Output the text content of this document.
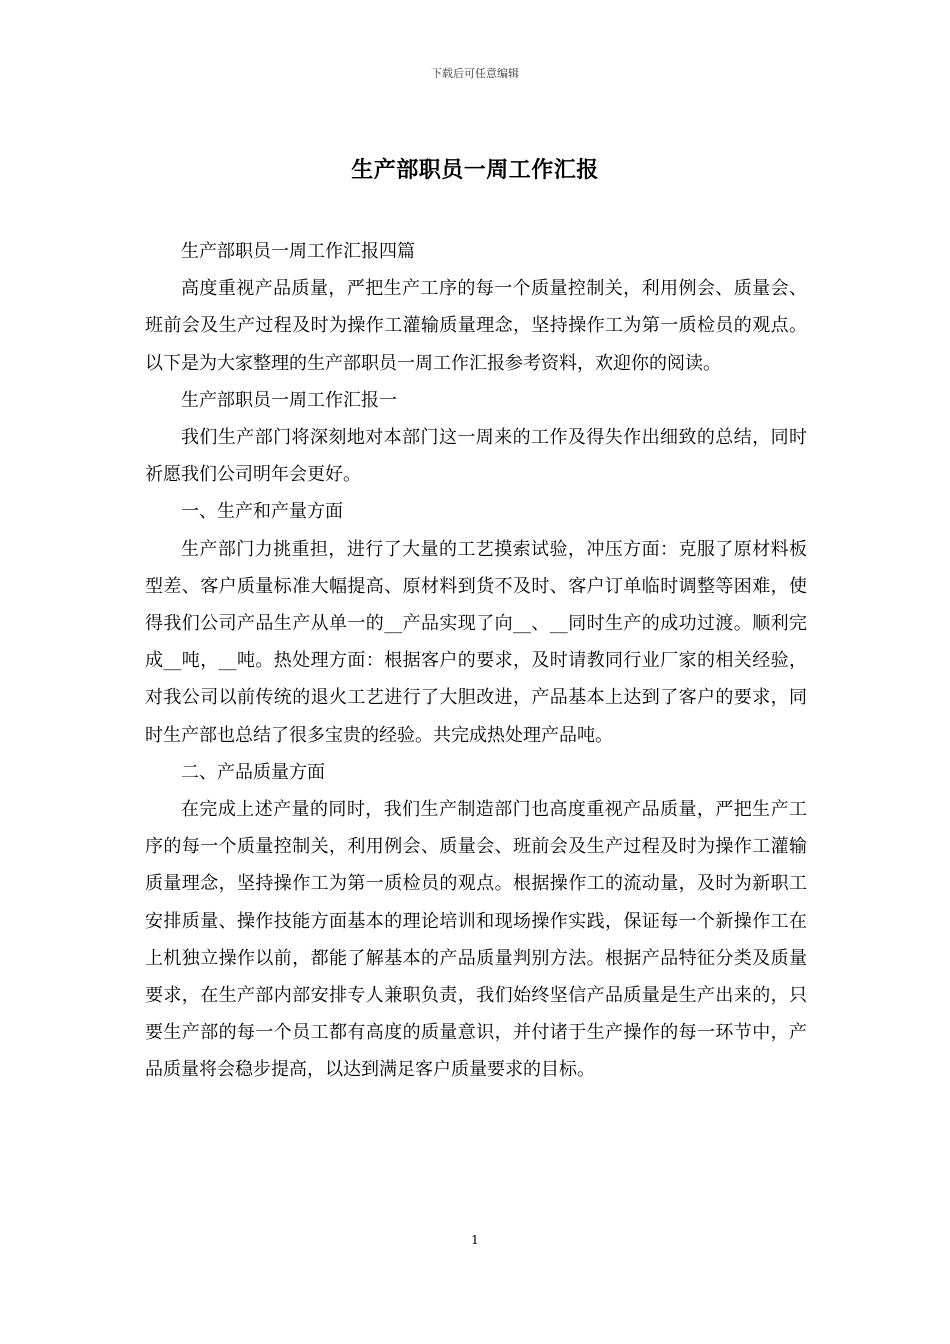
下载后可任意编辑
生产部职员一周工作汇报

生产部职员一周工作汇报四篇

高度重视产品质量，严把生产工序的每一个质量控制关，利用例会、质量会、班前会及生产过程及时为操作工灌输质量理念，坚持操作工为第一质检员的观点。以下是为大家整理的生产部职员一周工作汇报参考资料，欢迎你的阅读。

生产部职员一周工作汇报一

我们生产部门将深刻地对本部门这一周来的工作及得失作出细致的总结，同时祈愿我们公司明年会更好。

一、生产和产量方面

生产部门力挑重担，进行了大量的工艺摸索试验，冲压方面：克服了原材料板型差、客户质量标准大幅提高、原材料到货不及时、客户订单临时调整等困难，使得我们公司产品生产从单一的__产品实现了向__、__同时生产的成功过渡。顺利完成__吨，__吨。热处理方面：根据客户的要求，及时请教同行业厂家的相关经验，对我公司以前传统的退火工艺进行了大胆改进，产品基本上达到了客户的要求，同时生产部也总结了很多宝贵的经验。共完成热处理产品吨。

二、产品质量方面

在完成上述产量的同时，我们生产制造部门也高度重视产品质量，严把生产工序的每一个质量控制关，利用例会、质量会、班前会及生产过程及时为操作工灌输质量理念，坚持操作工为第一质检员的观点。根据操作工的流动量，及时为新职工安排质量、操作技能方面基本的理论培训和现场操作实践，保证每一个新操作工在上机独立操作以前，都能了解基本的产品质量判别方法。根据产品特征分类及质量要求，在生产部内部安排专人兼职负责，我们始终坚信产品质量是生产出来的，只要生产部的每一个员工都有高度的质量意识，并付诸于生产操作的每一环节中，产品质量将会稳步提高，以达到满足客户质量要求的目标。

1
